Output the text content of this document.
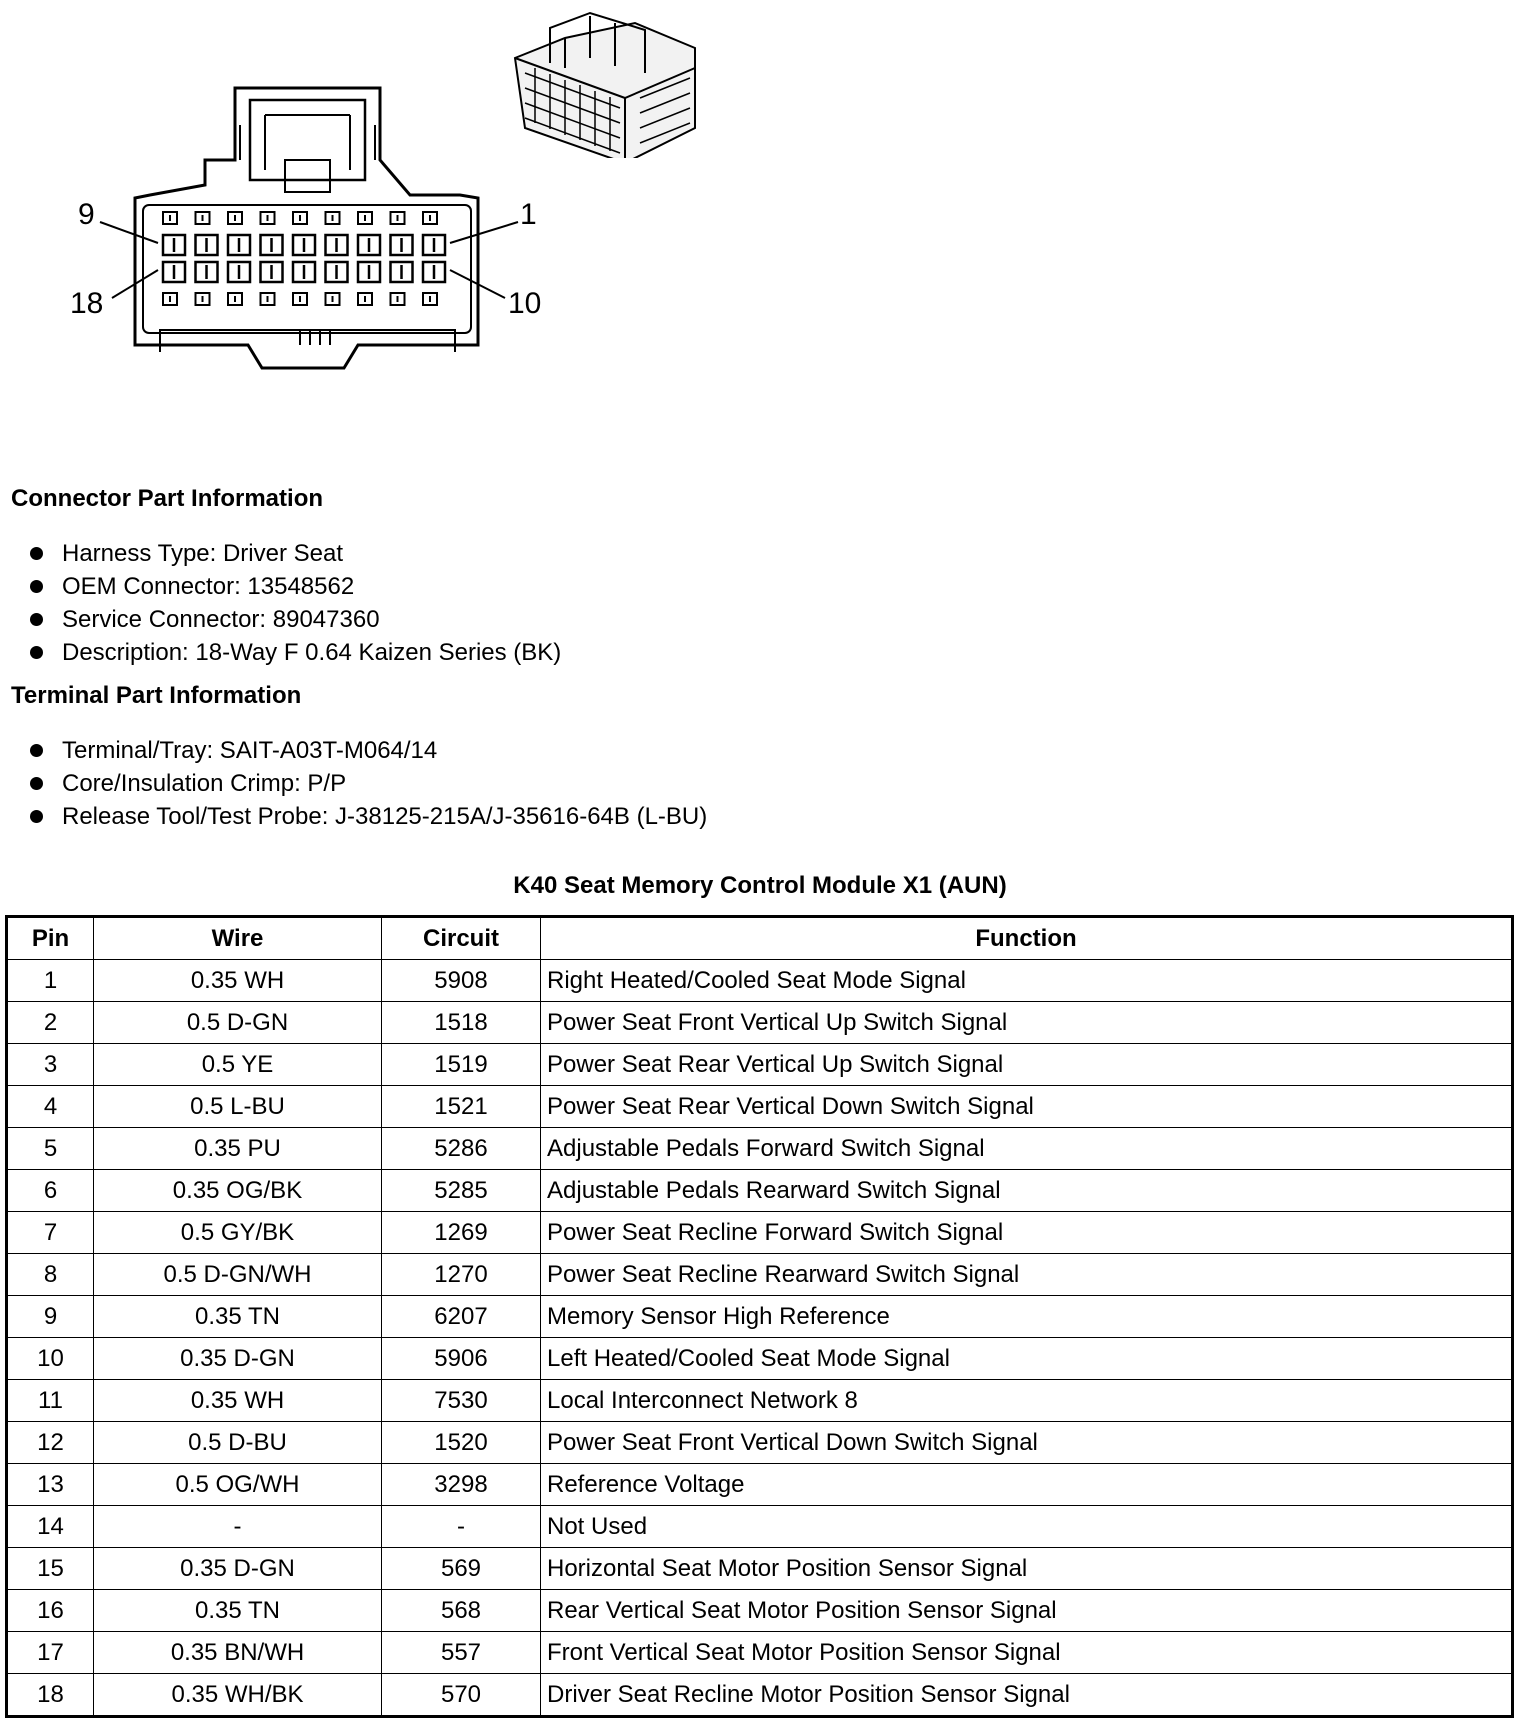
9	1
18	10
Connector Part Information
Harness Type: Driver Seat
OEM Connector: 13548562
Service Connector: 89047360
Description: 18-Way F 0.64 Kaizen Series (BK)
Terminal Part Information
Terminal/Tray: SAIT-A03T-M064/14
Core/Insulation Crimp: P/P
Release Tool/Test Probe: J-38125-215A/J-35616-64B (L-BU)
K40 Seat Memory Control Module X1 (AUN)
Pin	Wire	Circuit	Function
1	0.35 WH	5908	Right Heated/Cooled Seat Mode Signal
2	0.5 D-GN	1518	Power Seat Front Vertical Up Switch Signal
3	0.5 YE	1519	Power Seat Rear Vertical Up Switch Signal
4	0.5 L-BU	1521	Power Seat Rear Vertical Down Switch Signal
5	0.35 PU	5286	Adjustable Pedals Forward Switch Signal
6	0.35 OG/BK	5285	Adjustable Pedals Rearward Switch Signal
7	0.5 GY/BK	1269	Power Seat Recline Forward Switch Signal
8	0.5 D-GN/WH	1270	Power Seat Recline Rearward Switch Signal
9	0.35 TN	6207	Memory Sensor High Reference
10	0.35 D-GN	5906	Left Heated/Cooled Seat Mode Signal
11	0.35 WH	7530	Local Interconnect Network 8
12	0.5 D-BU	1520	Power Seat Front Vertical Down Switch Signal
13	0.5 OG/WH	3298	Reference Voltage
14	-	-	Not Used
15	0.35 D-GN	569	Horizontal Seat Motor Position Sensor Signal
16	0.35 TN	568	Rear Vertical Seat Motor Position Sensor Signal
17	0.35 BN/WH	557	Front Vertical Seat Motor Position Sensor Signal
18	0.35 WH/BK	570	Driver Seat Recline Motor Position Sensor Signal
